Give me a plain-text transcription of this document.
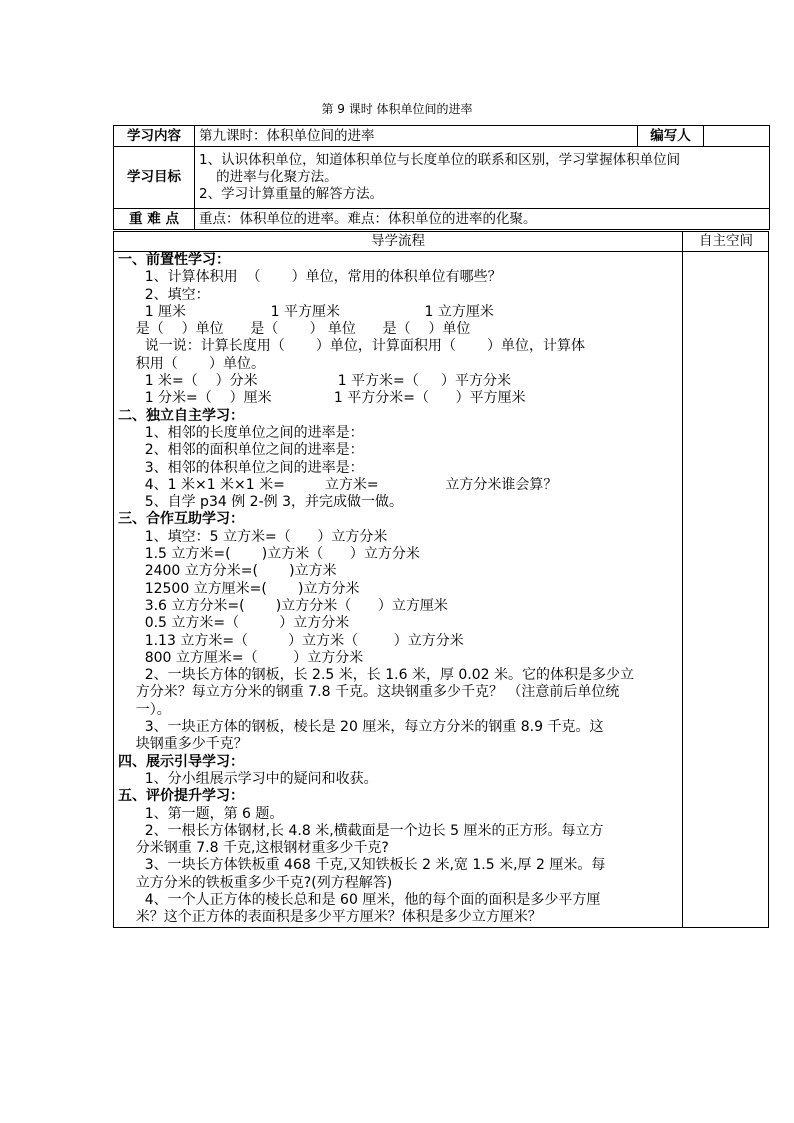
第 9 课时 体积单位间的进率
学习内容	第九课时：体积单位间的进率	编写人	
学习目标	1、认识体积单位，知道体积单位与长度单位的联系和区别，学习掌握体积单位间
的进率与化聚方法。
2、学习计算重量的解答方法。		

重 难 点	重点：体积单位的进率。难点：体积单位的进率的化聚。		
导学流程	自主空间
一、前置性学习：
1、计算体积用  （       ）单位，常用的体积单位有哪些？
2、填空：
1 厘米                   1 平方厘米                   1 立方厘米
是（    ）单位      是（       ） 单位      是（    ）单位
说一说：计算长度用（       ）单位，计算面积用（       ）单位，计算体
积用（       ）单位。
1 米=（    ）分米                  1 平方米=（     ）平方分米
1 分米=（    ）厘米              1 平方分米=（      ）平方厘米
二、独立自主学习：
1、相邻的长度单位之间的进率是：
2、相邻的面积单位之间的进率是：
3、相邻的体积单位之间的进率是：
4、1 米×1 米×1 米=         立方米=               立方分米谁会算？
5、自学 p34 例 2-例 3，并完成做一做。
三、合作互助学习：
1、填空：5 立方米=（      ）立方分米
1.5 立方米=(       )立方米（      ）立方分米
2400 立方分米=(       )立方米
12500 立方厘米=(       )立方分米
3.6 立方分米=(       )立方分米（      ）立方厘米
0.5 立方米=（         ）立方分米
1.13 立方米=（         ）立方米（        ）立方分米
800 立方厘米=（        ）立方分米
2、一块长方体的钢板，长 2.5 米，长 1.6 米，厚 0.02 米。它的体积是多少立
方分米？每立方分米的钢重 7.8 千克。这块钢重多少千克？ （注意前后单位统
一）。
3、一块正方体的钢板，棱长是 20 厘米，每立方分米的钢重 8.9 千克。这
块钢重多少千克？
四、展示引导学习：
1、分小组展示学习中的疑问和收获。
五、评价提升学习：
1、第一题，第 6 题。
2、一根长方体钢材,长 4.8 米,横截面是一个边长 5 厘米的正方形。每立方
分米钢重 7.8 千克,这根钢材重多少千克?
3、一块长方体铁板重 468 千克,又知铁板长 2 米,宽 1.5 米,厚 2 厘米。每
立方分米的铁板重多少千克?(列方程解答)
4、一个人正方体的棱长总和是 60 厘米，他的每个面的面积是多少平方厘
米？这个正方体的表面积是多少平方厘米？体积是多少立方厘米？
